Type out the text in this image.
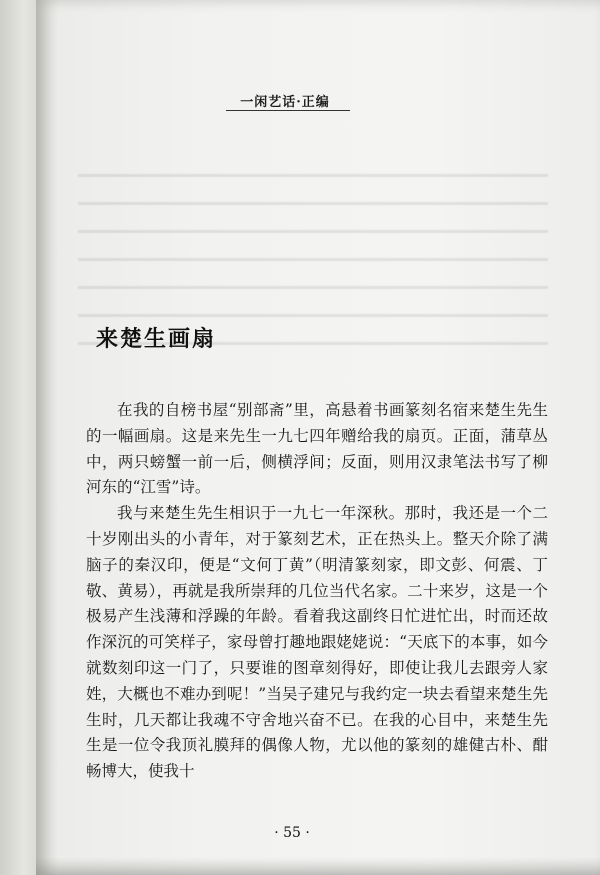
一闲艺话·正编
来楚生画扇

在我的自榜书屋“别部斋”里，高悬着书画篆刻名宿来楚生先生的一幅画扇。这是来先生一九七四年赠给我的扇页。正面，蒲草丛中，两只螃蟹一前一后，侧横浮间；反面，则用汉隶笔法书写了柳河东的“江雪”诗。

我与来楚生先生相识于一九七一年深秋。那时，我还是一个二十岁刚出头的小青年，对于篆刻艺术，正在热头上。整天介除了满脑子的秦汉印，便是“文何丁黄”（明清篆刻家，即文彭、何震、丁敬、黄易），再就是我所崇拜的几位当代名家。二十来岁，这是一个极易产生浅薄和浮躁的年龄。看着我这副终日忙进忙出，时而还故作深沉的可笑样子，家母曾打趣地跟姥姥说：“天底下的本事，如今就数刻印这一门了，只要谁的图章刻得好，即使让我儿去跟旁人家姓，大概也不难办到呢！”当吴子建兄与我约定一块去看望来楚生先生时，几天都让我魂不守舍地兴奋不已。在我的心目中，来楚生先生是一位令我顶礼膜拜的偶像人物，尤以他的篆刻的雄健古朴、酣畅博大，使我十

· 55 ·
